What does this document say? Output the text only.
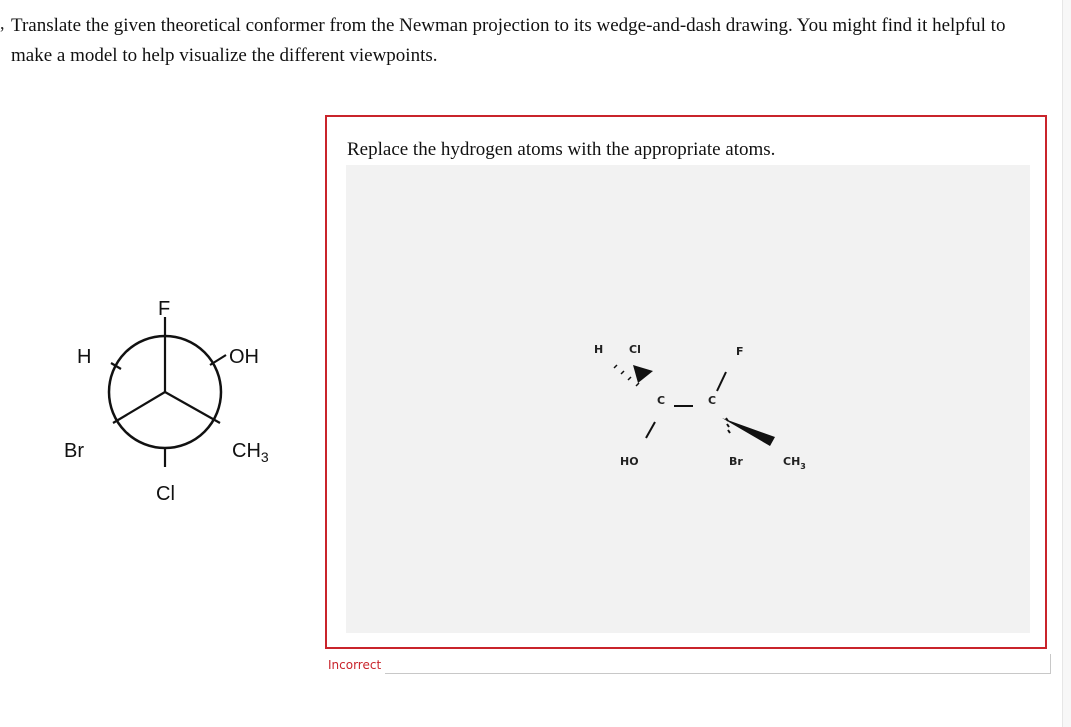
, Translate the given theoretical conformer from the Newman projection to its wedge-and-dash drawing. You might find it helpful to make a model to help visualize the different viewpoints.
F
H	OH
Br	$CH_3$
Cl
Replace the hydrogen atoms with the appropriate atoms.
C	C
H Cl
HO
F
Br	$CH_3$
Incorrect
